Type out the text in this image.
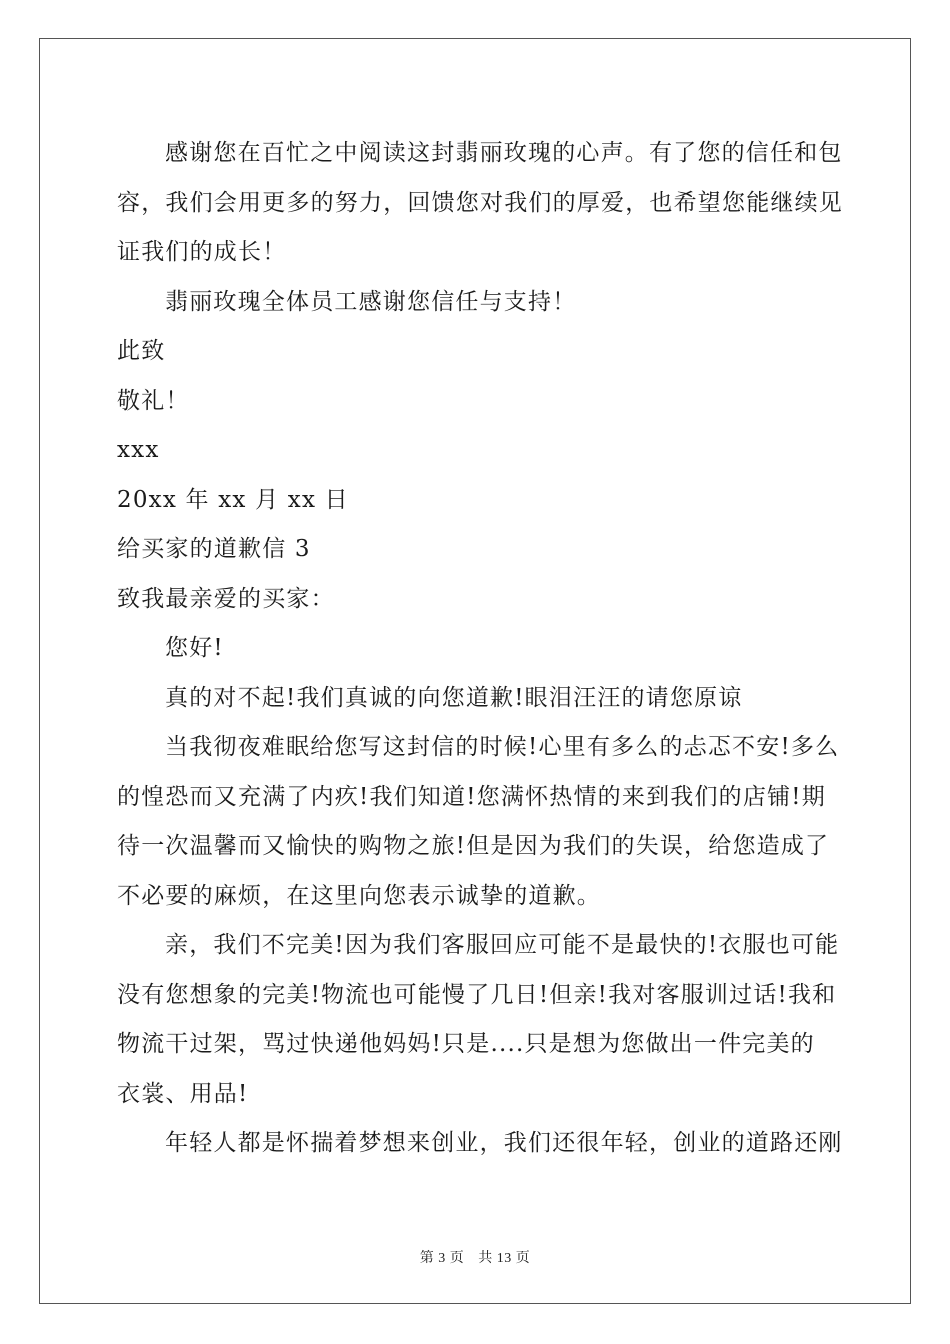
感谢您在百忙之中阅读这封翡丽玫瑰的心声。有了您的信任和包
容，我们会用更多的努力，回馈您对我们的厚爱，也希望您能继续见
证我们的成长！
翡丽玫瑰全体员工感谢您信任与支持！
此致
敬礼！
xxx
20xx 年 xx 月 xx 日
给买家的道歉信 3
致我最亲爱的买家：
您好!
真的对不起!我们真诚的向您道歉!眼泪汪汪的请您原谅
当我彻夜难眠给您写这封信的时候!心里有多么的忐忑不安!多么
的惶恐而又充满了内疚!我们知道!您满怀热情的来到我们的店铺!期
待一次温馨而又愉快的购物之旅!但是因为我们的失误，给您造成了
不必要的麻烦，在这里向您表示诚挚的道歉。
亲，我们不完美!因为我们客服回应可能不是最快的!衣服也可能
没有您想象的完美!物流也可能慢了几日!但亲!我对客服训过话!我和
物流干过架，骂过快递他妈妈!只是....只是想为您做出一件完美的
衣裳、用品!
年轻人都是怀揣着梦想来创业，我们还很年轻，创业的道路还刚
第 3 页 共 13 页
